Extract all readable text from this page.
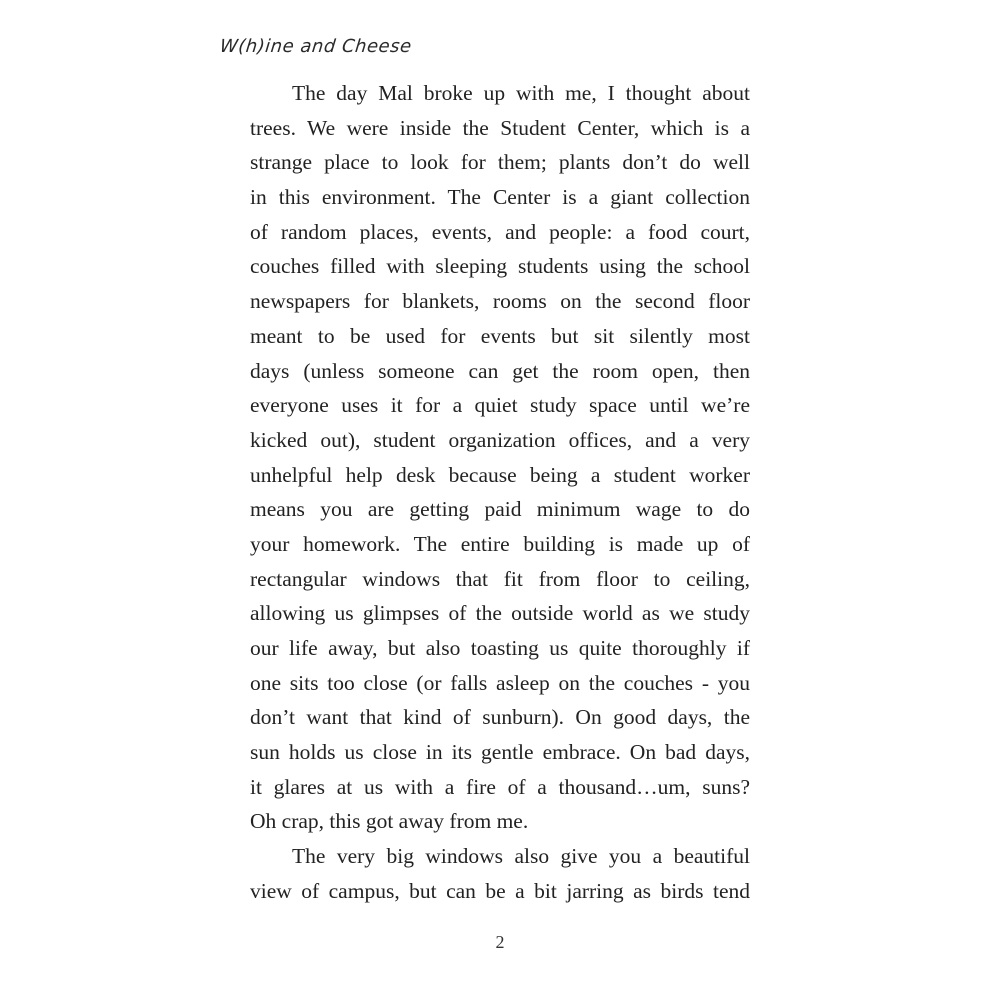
W(h)ine and Cheese
The day Mal broke up with me, I thought about
trees. We were inside the Student Center, which is a
strange place to look for them; plants don’t do well
in this environment. The Center is a giant collection
of random places, events, and people: a food court,
couches filled with sleeping students using the school
newspapers for blankets, rooms on the second floor
meant to be used for events but sit silently most
days (unless someone can get the room open, then
everyone uses it for a quiet study space until we’re
kicked out), student organization offices, and a very
unhelpful help desk because being a student worker
means you are getting paid minimum wage to do
your homework. The entire building is made up of
rectangular windows that fit from floor to ceiling,
allowing us glimpses of the outside world as we study
our life away, but also toasting us quite thoroughly if
one sits too close (or falls asleep on the couches - you
don’t want that kind of sunburn). On good days, the
sun holds us close in its gentle embrace. On bad days,
it glares at us with a fire of a thousand…um, suns?
Oh crap, this got away from me.
The very big windows also give you a beautiful
view of campus, but can be a bit jarring as birds tend
2
